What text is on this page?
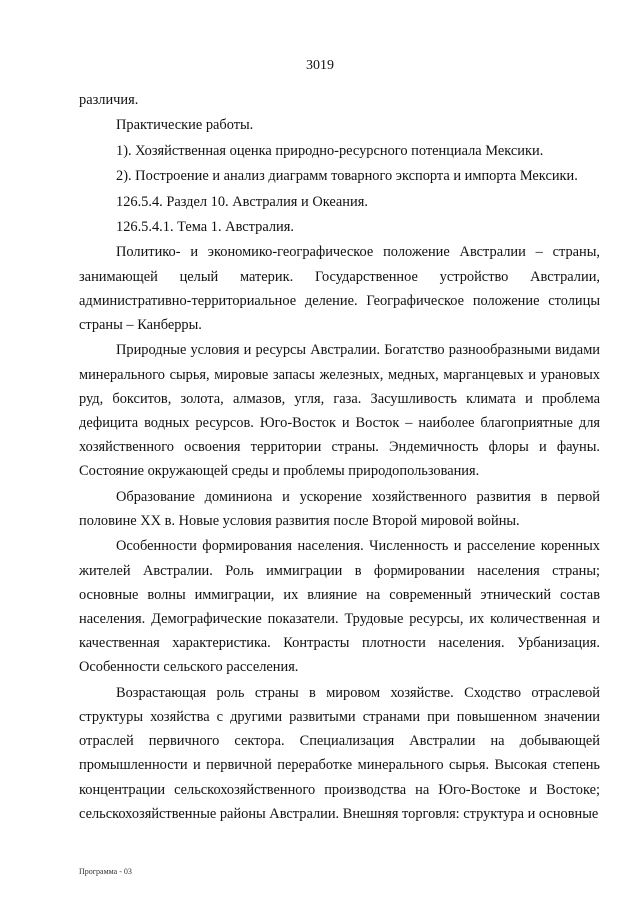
3019

различия.

Практические работы.

1). Хозяйственная оценка природно-ресурсного потенциала Мексики.

2). Построение и анализ диаграмм товарного экспорта и импорта Мексики.

126.5.4. Раздел 10. Австралия и Океания.

126.5.4.1. Тема 1. Австралия.

Политико- и экономико-географическое положение Австралии – страны, занимающей целый материк. Государственное устройство Австралии, административно-территориальное деление. Географическое положение столицы страны – Канберры.

Природные условия и ресурсы Австралии. Богатство разнообразными видами минерального сырья, мировые запасы железных, медных, марганцевых и урановых руд, бокситов, золота, алмазов, угля, газа. Засушливость климата и проблема дефицита водных ресурсов. Юго-Восток и Восток – наиболее благоприятные для хозяйственного освоения территории страны. Эндемичность флоры и фауны. Состояние окружающей среды и проблемы природопользования.

Образование доминиона и ускорение хозяйственного развития в первой половине XX в. Новые условия развития после Второй мировой войны.

Особенности формирования населения. Численность и расселение коренных жителей Австралии. Роль иммиграции в формировании населения страны; основные волны иммиграции, их влияние на современный этнический состав населения. Демографические показатели. Трудовые ресурсы, их количественная и качественная характеристика. Контрасты плотности населения. Урбанизация. Особенности сельского расселения.

Возрастающая роль страны в мировом хозяйстве. Сходство отраслевой структуры хозяйства с другими развитыми странами при повышенном значении отраслей первичного сектора. Специализация Австралии на добывающей промышленности и первичной переработке минерального сырья. Высокая степень концентрации сельскохозяйственного производства на Юго-Востоке и Востоке; сельскохозяйственные районы Австралии. Внешняя торговля: структура и основные

Программа - 03
